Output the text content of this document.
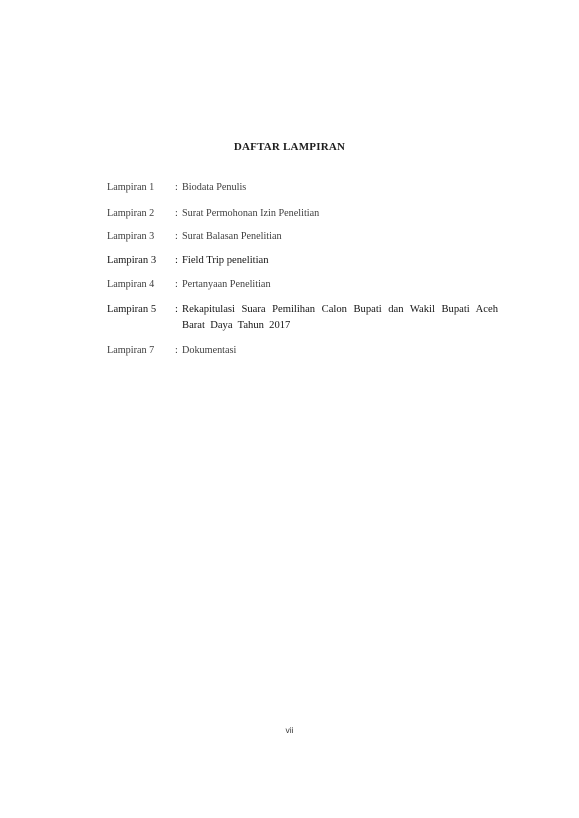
DAFTAR LAMPIRAN
Lampiran 1 : Biodata Penulis
Lampiran 2 : Surat Permohonan Izin Penelitian
Lampiran 3 : Surat Balasan Penelitian
Lampiran 3 : Field Trip penelitian
Lampiran 4 : Pertanyaan Penelitian
Lampiran 5 : Rekapitulasi Suara Pemilihan Calon Bupati dan Wakil Bupati Aceh Barat Daya Tahun 2017
Lampiran 7 : Dokumentasi
vii
